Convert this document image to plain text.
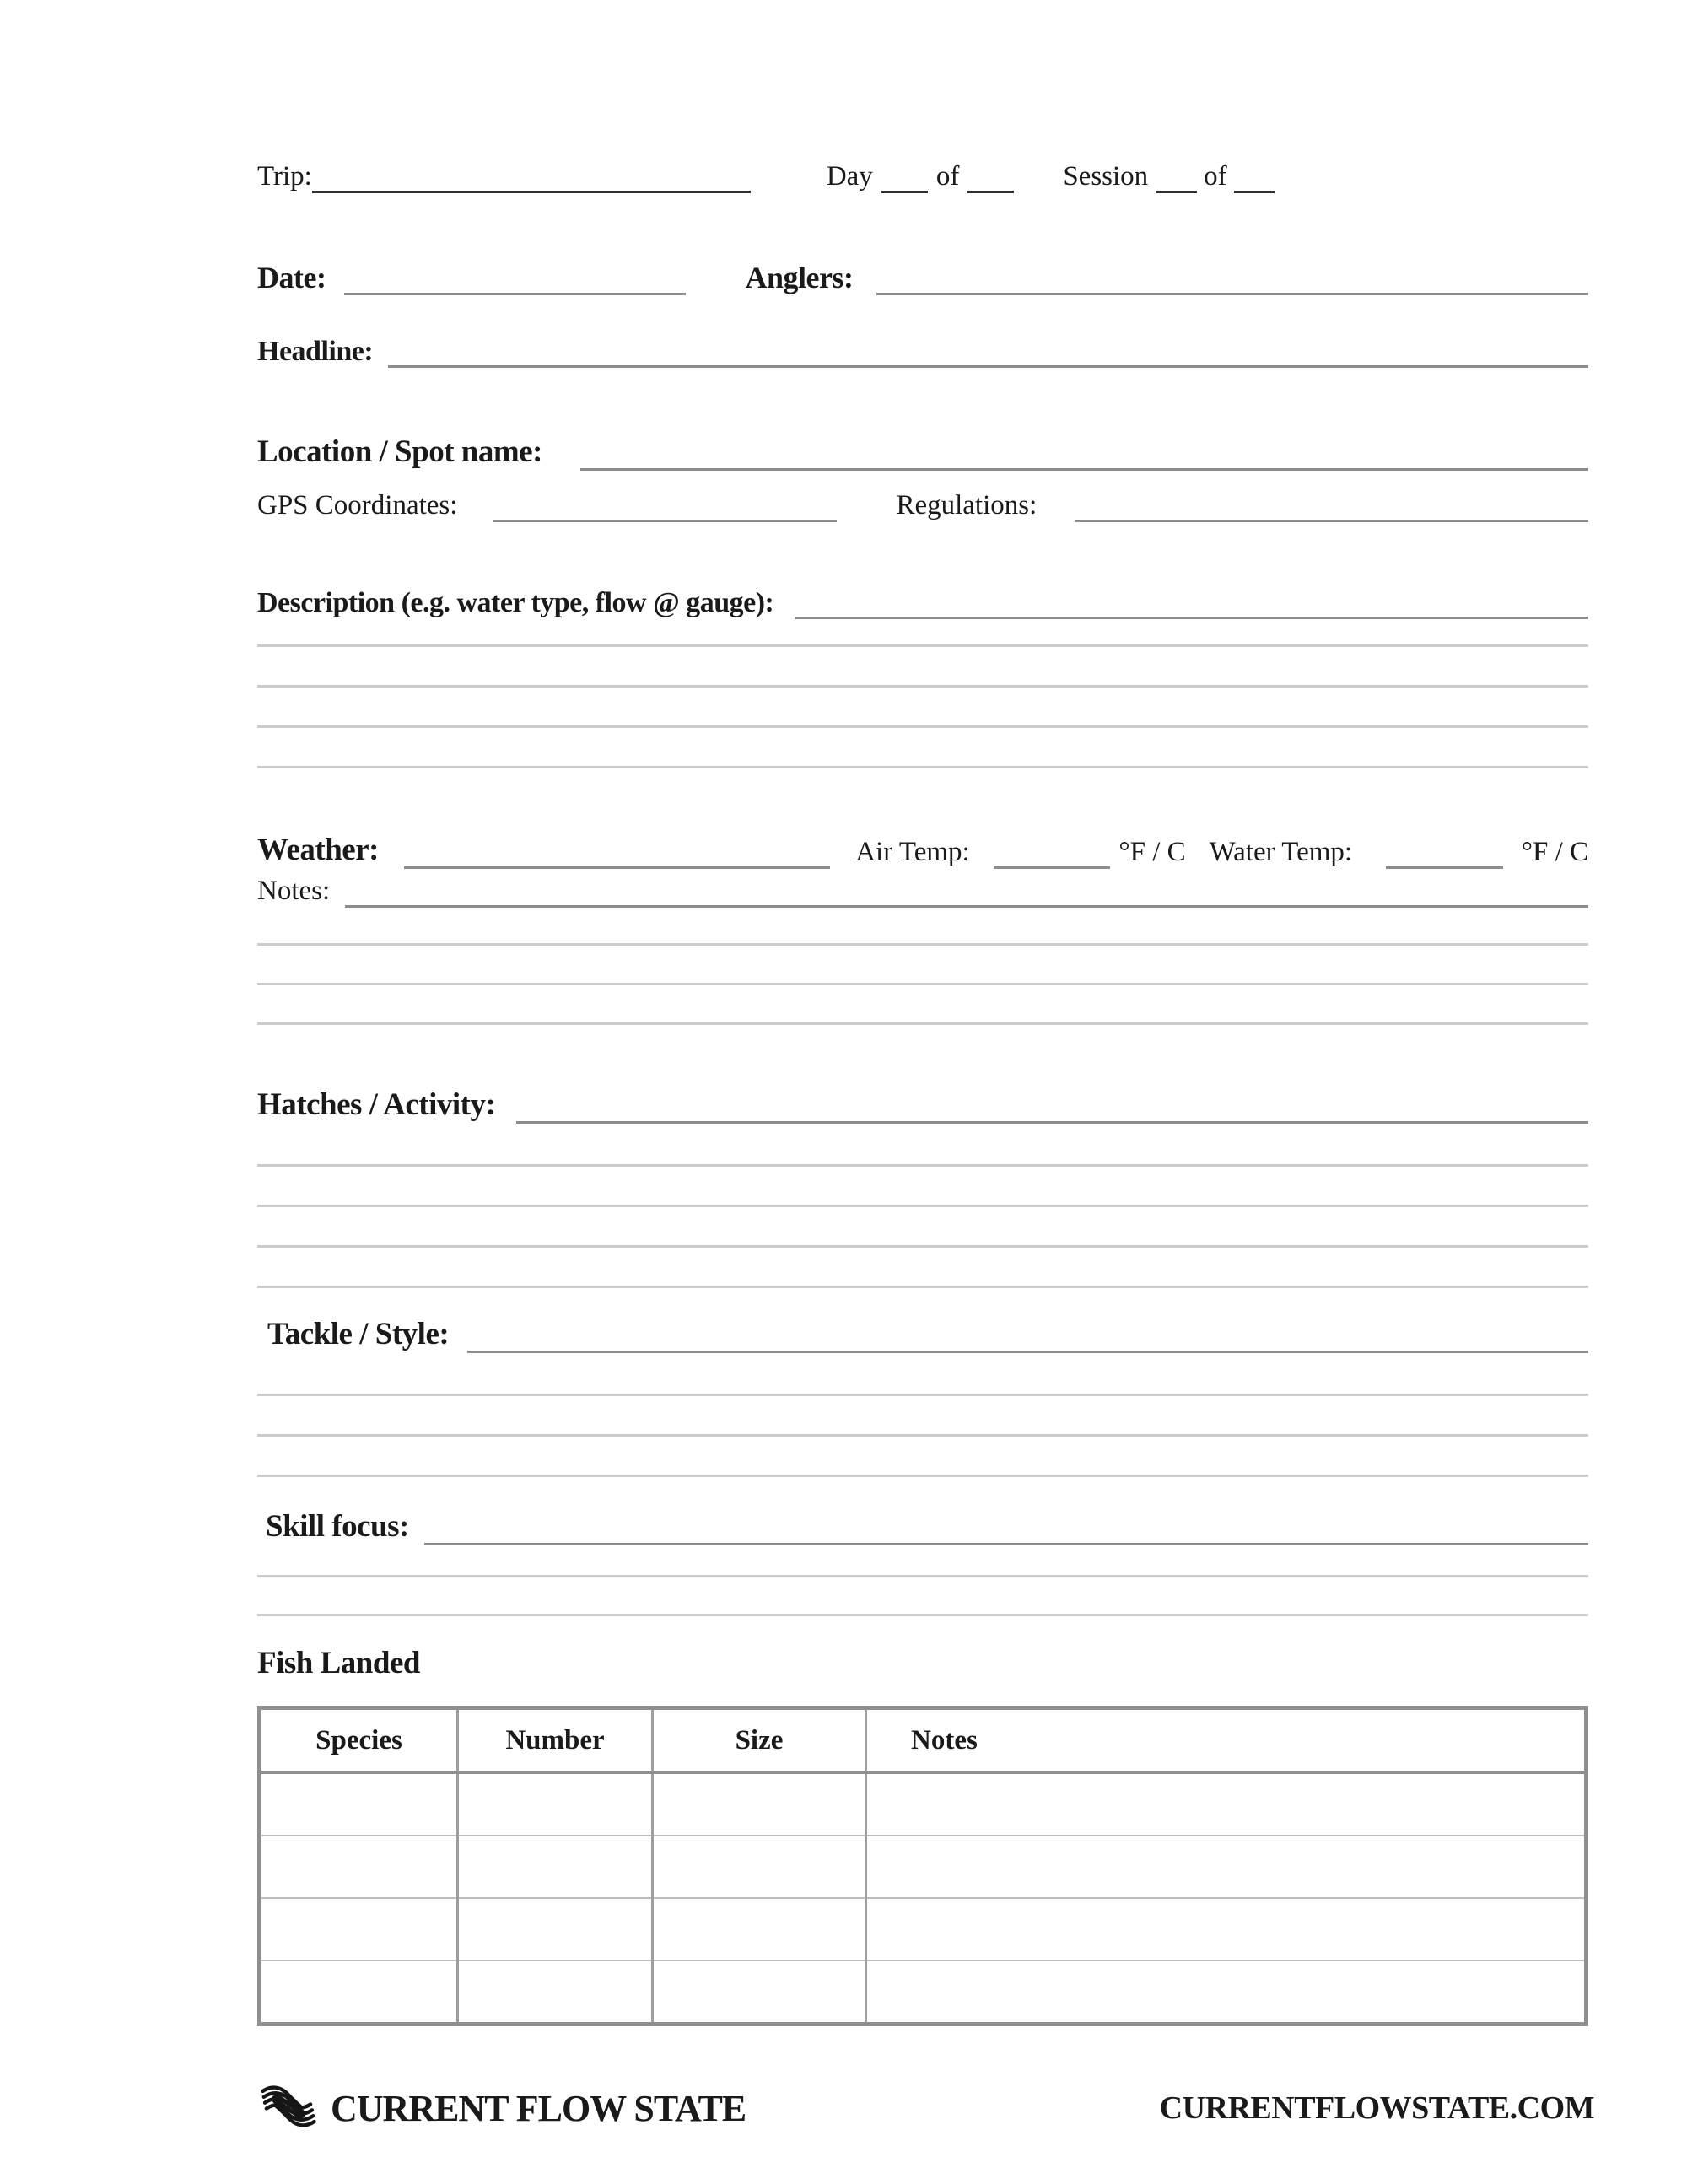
Trip:	Day of	Session of
Date:	Anglers:
Headline:
Location / Spot name:
GPS Coordinates:	Regulations:
Description (e.g. water type, flow @ gauge):
Weather:	Air Temp:	°F / C Water Temp:	°F / C
Notes:
Hatches / Activity:
Tackle / Style:
Skill focus:
Fish Landed
Species	Number	Size	Notes

CURRENT FLOW STATE	CURRENTFLOWSTATE.COM
